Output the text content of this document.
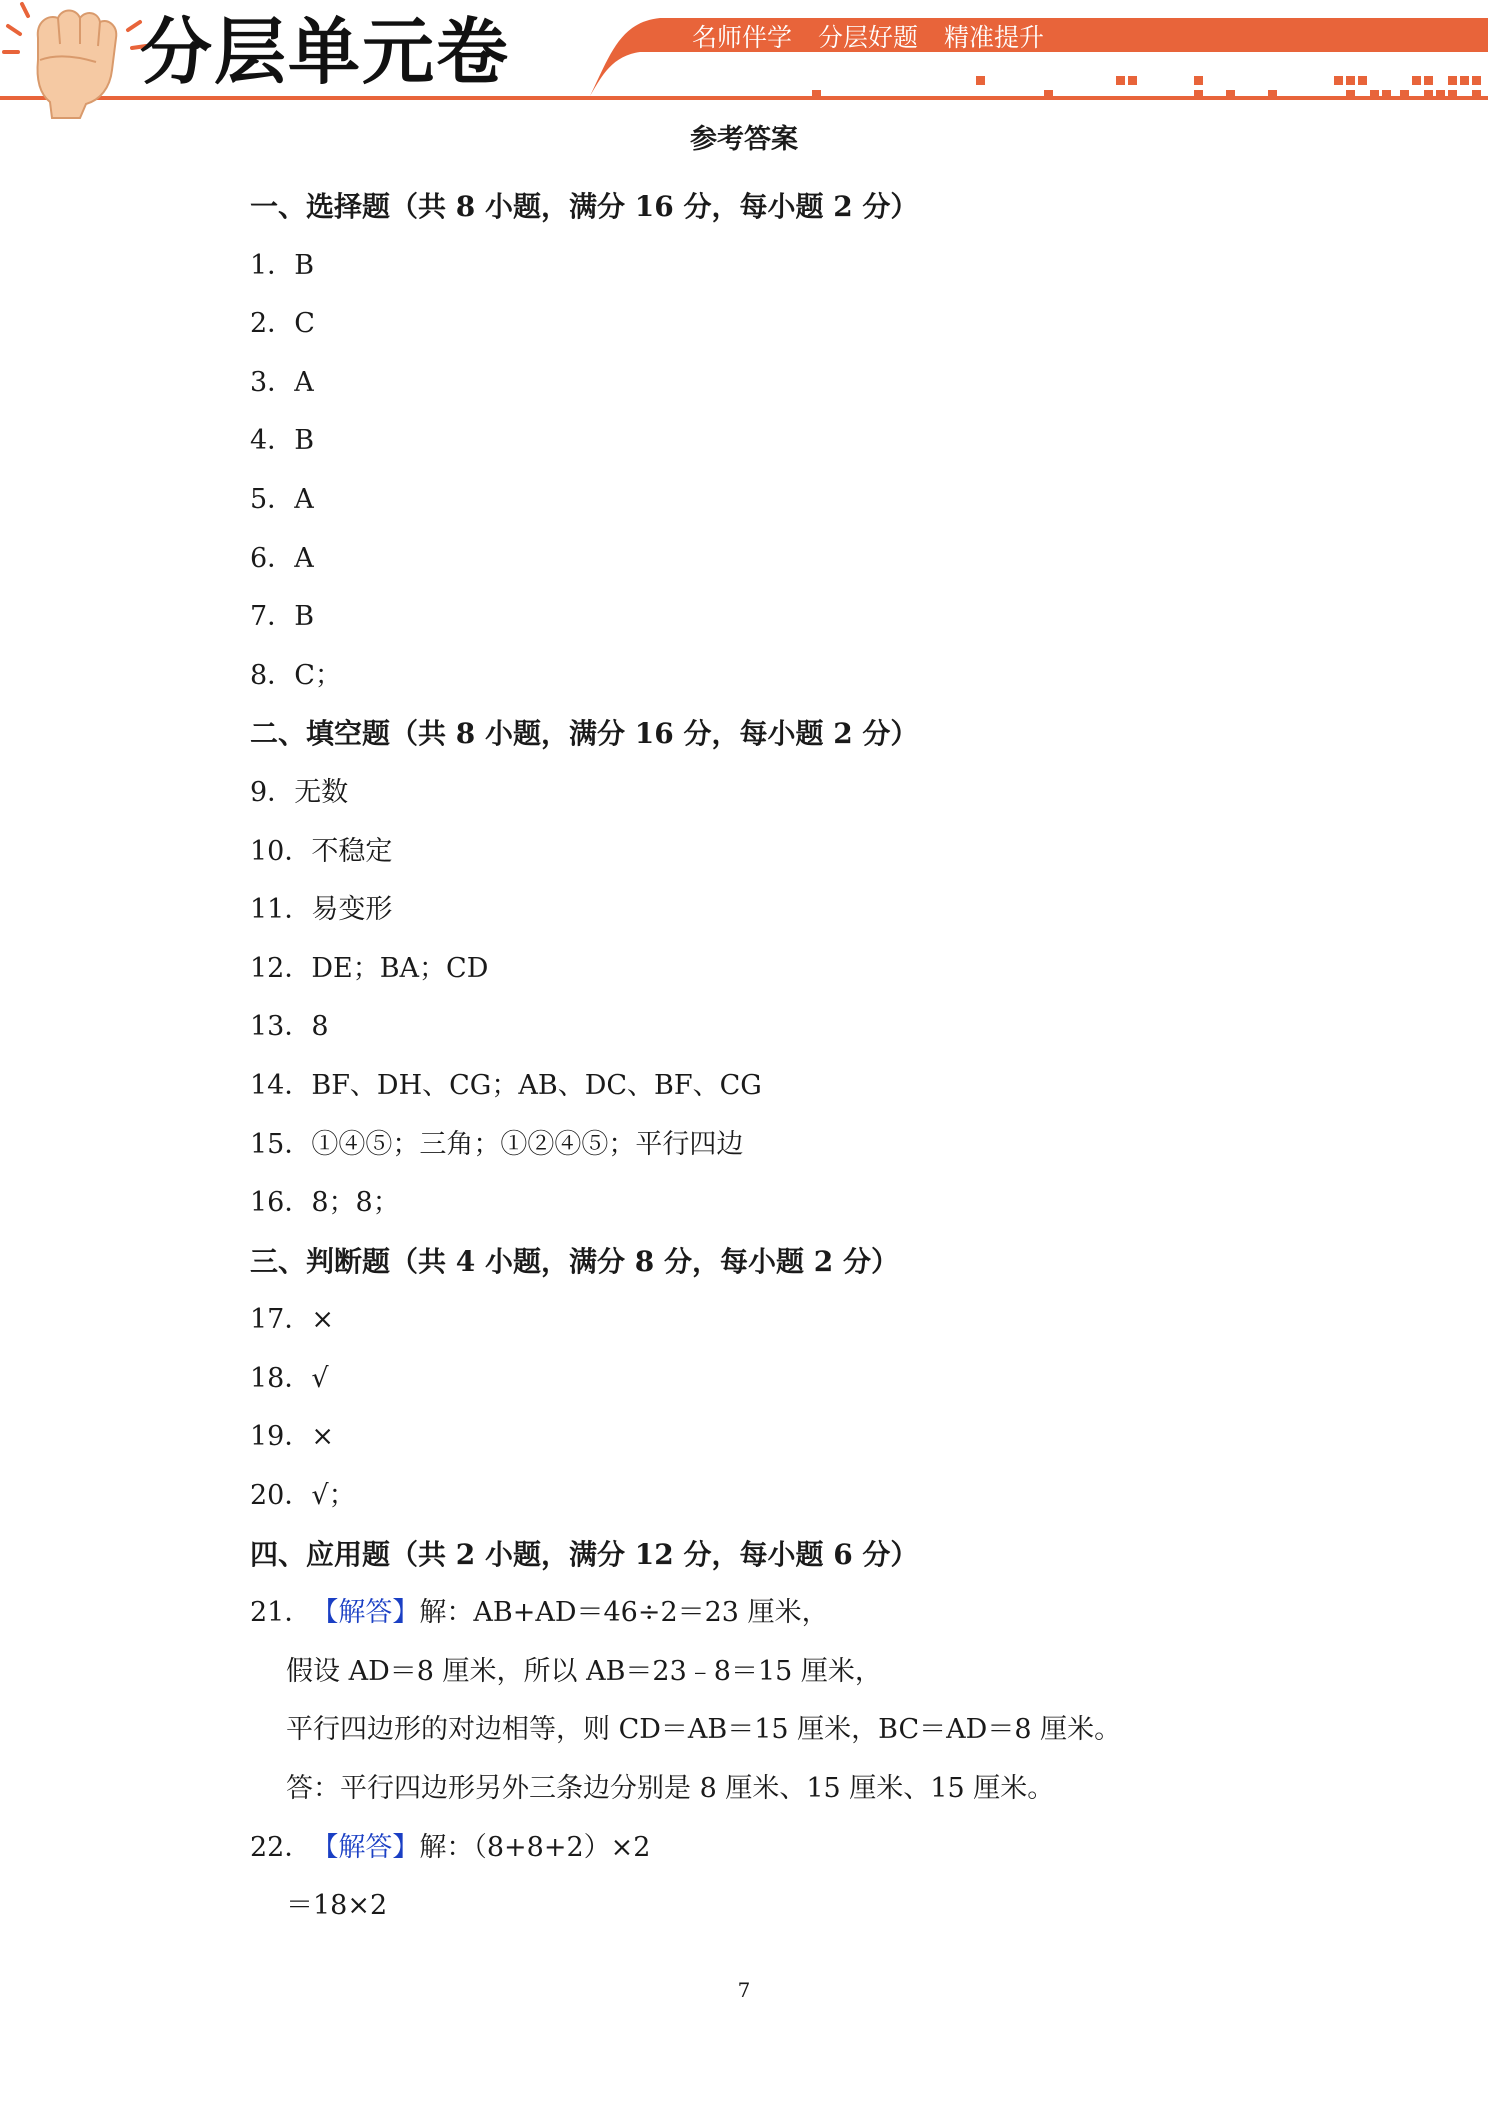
分层单元卷	名师伴学 分层好题 精准提升
参考答案
一、选择题（共 8 小题，满分 16 分，每小题 2 分）
1．B
2．C
3．A
4．B
5．A
6．A
7．B
8．C；
二、填空题（共 8 小题，满分 16 分，每小题 2 分）
9．无数
10．不稳定
11．易变形
12．DE；BA；CD
13．8
14．BF、DH、CG；AB、DC、BF、CG
15．①④⑤；三角；①②④⑤；平行四边
16．8；8；
三、判断题（共 4 小题，满分 8 分，每小题 2 分）
17．×
18．√
19．×
20．√；
四、应用题（共 2 小题，满分 12 分，每小题 6 分）
21．【解答】解：AB+AD＝46÷2＝23 厘米，
假设 AD＝8 厘米，所以 AB＝23﹣8＝15 厘米，
平行四边形的对边相等，则 CD＝AB＝15 厘米，BC＝AD＝8 厘米。
答：平行四边形另外三条边分别是 8 厘米、15 厘米、15 厘米。
22．【解答】解：（8+8+2）×2
＝18×2
7
